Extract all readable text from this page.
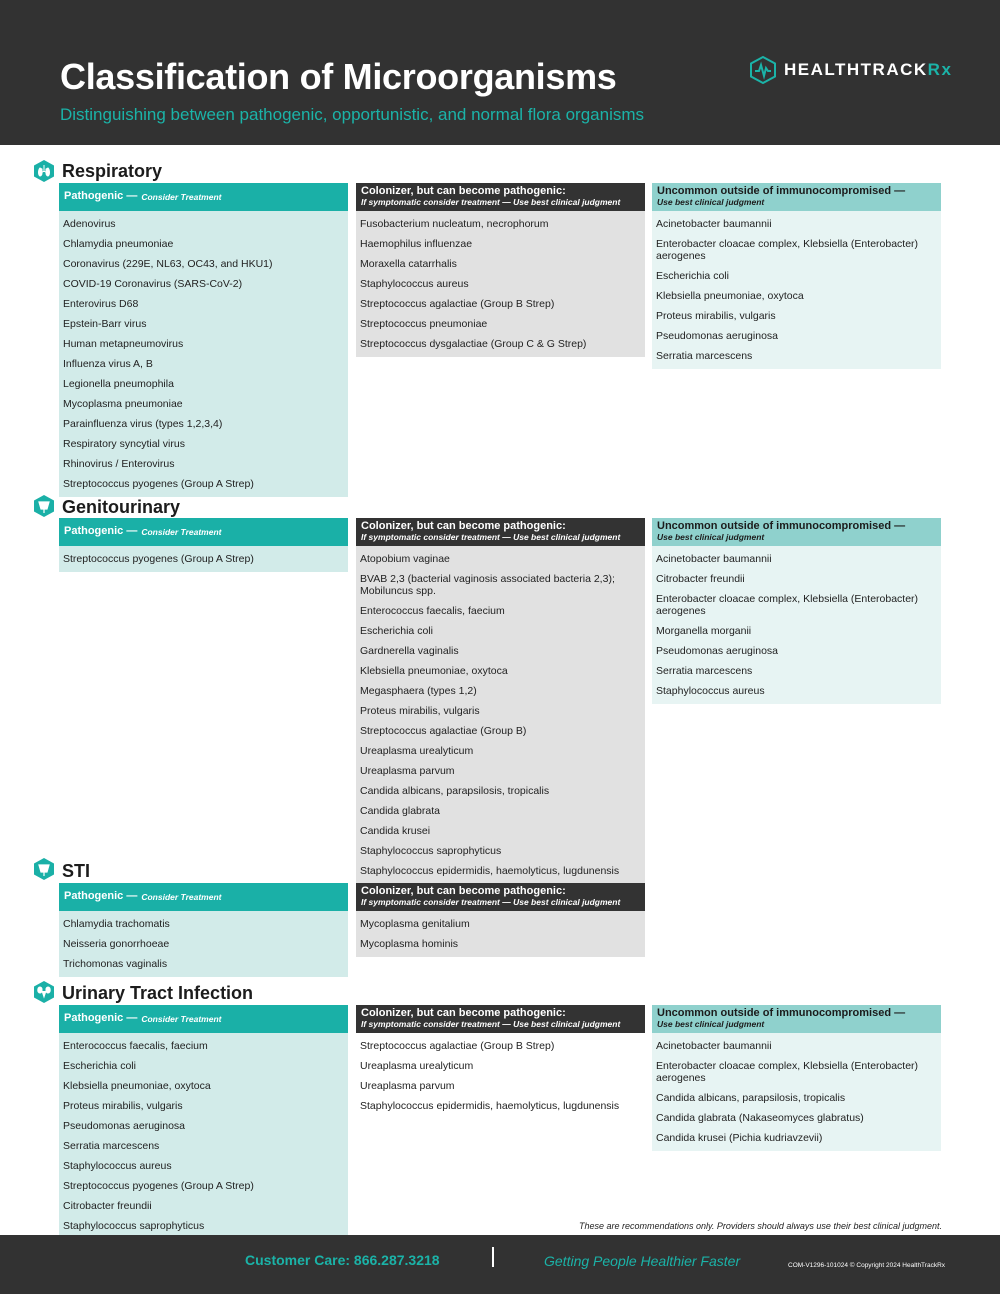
Classification of Microorganisms
Distinguishing between pathogenic, opportunistic, and normal flora organisms
HEALTHTRACKRx
Respiratory
Pathogenic — Consider Treatment
Adenovirus
Chlamydia pneumoniae
Coronavirus (229E, NL63, OC43, and HKU1)
COVID-19 Coronavirus (SARS-CoV-2)
Enterovirus D68
Epstein-Barr virus
Human metapneumovirus
Influenza virus A, B
Legionella pneumophila
Mycoplasma pneumoniae
Parainfluenza virus (types 1,2,3,4)
Respiratory syncytial virus
Rhinovirus / Enterovirus
Streptococcus pyogenes (Group A Strep)
Colonizer, but can become pathogenic:
If symptomatic consider treatment — Use best clinical judgment
Fusobacterium nucleatum, necrophorum
Haemophilus influenzae
Moraxella catarrhalis
Staphylococcus aureus
Streptococcus agalactiae (Group B Strep)
Streptococcus pneumoniae
Streptococcus dysgalactiae (Group C & G Strep)
Uncommon outside of immunocompromised —
Use best clinical judgment
Acinetobacter baumannii
Enterobacter cloacae complex, Klebsiella (Enterobacter) aerogenes
Escherichia coli
Klebsiella pneumoniae, oxytoca
Proteus mirabilis, vulgaris
Pseudomonas aeruginosa
Serratia marcescens
Genitourinary
Pathogenic — Consider Treatment
Streptococcus pyogenes (Group A Strep)
Colonizer, but can become pathogenic:
If symptomatic consider treatment — Use best clinical judgment
Atopobium vaginae
BVAB 2,3 (bacterial vaginosis associated bacteria 2,3); Mobiluncus spp.
Enterococcus faecalis, faecium
Escherichia coli
Gardnerella vaginalis
Klebsiella pneumoniae, oxytoca
Megasphaera (types 1,2)
Proteus mirabilis, vulgaris
Streptococcus agalactiae (Group B)
Ureaplasma urealyticum
Ureaplasma parvum
Candida albicans, parapsilosis, tropicalis
Candida glabrata
Candida krusei
Staphylococcus saprophyticus
Staphylococcus epidermidis, haemolyticus, lugdunensis
Uncommon outside of immunocompromised —
Use best clinical judgment
Acinetobacter baumannii
Citrobacter freundii
Enterobacter cloacae complex, Klebsiella (Enterobacter) aerogenes
Morganella morganii
Pseudomonas aeruginosa
Serratia marcescens
Staphylococcus aureus
STI
Pathogenic — Consider Treatment
Chlamydia trachomatis
Neisseria gonorrhoeae
Trichomonas vaginalis
Colonizer, but can become pathogenic:
If symptomatic consider treatment — Use best clinical judgment
Mycoplasma genitalium
Mycoplasma hominis
Urinary Tract Infection
Pathogenic — Consider Treatment
Enterococcus faecalis, faecium
Escherichia coli
Klebsiella pneumoniae, oxytoca
Proteus mirabilis, vulgaris
Pseudomonas aeruginosa
Serratia marcescens
Staphylococcus aureus
Streptococcus pyogenes (Group A Strep)
Citrobacter freundii
Staphylococcus saprophyticus
Colonizer, but can become pathogenic:
If symptomatic consider treatment — Use best clinical judgment
Streptococcus agalactiae (Group B Strep)
Ureaplasma urealyticum
Ureaplasma parvum
Staphylococcus epidermidis, haemolyticus, lugdunensis
Uncommon outside of immunocompromised —
Use best clinical judgment
Acinetobacter baumannii
Enterobacter cloacae complex, Klebsiella (Enterobacter) aerogenes
Candida albicans, parapsilosis, tropicalis
Candida glabrata (Nakaseomyces glabratus)
Candida krusei (Pichia kudriavzevii)
These are recommendations only. Providers should always use their best clinical judgment.
Customer Care: 866.287.3218	Getting People Healthier Faster	COM-V1296-101024 © Copyright 2024 HealthTrackRx
